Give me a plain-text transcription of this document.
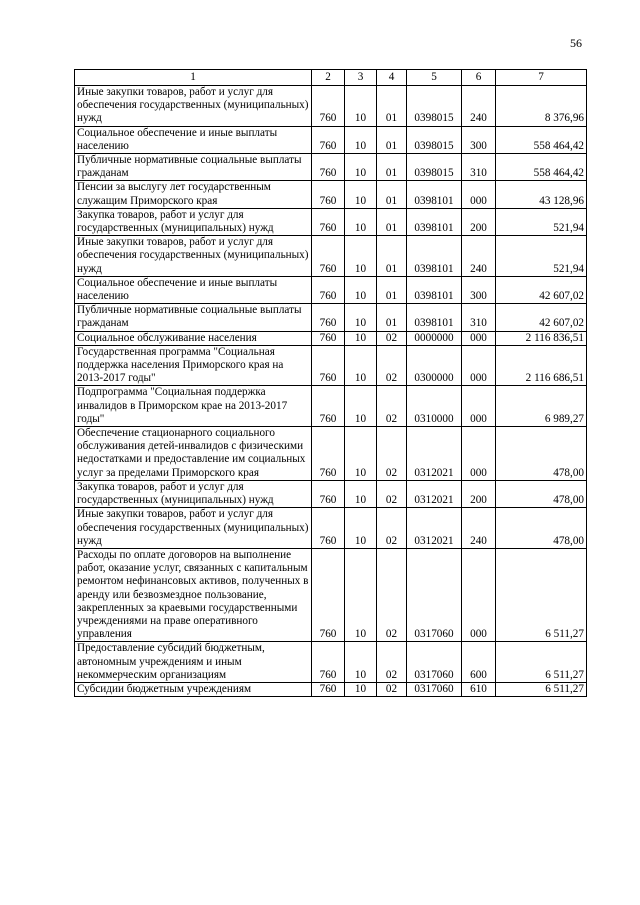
56
1	2	3	4	5	6	7
Иные закупки товаров, работ и услуг для обеспечения государственных (муниципальных) нужд	760	10	01	0398015	240	8 376,96
Социальное обеспечение и иные выплаты населению	760	10	01	0398015	300	558 464,42
Публичные нормативные социальные выплаты гражданам	760	10	01	0398015	310	558 464,42
Пенсии за выслугу лет государственным служащим Приморского края	760	10	01	0398101	000	43 128,96
Закупка товаров, работ и услуг для государственных (муниципальных) нужд	760	10	01	0398101	200	521,94
Иные закупки товаров, работ и услуг для обеспечения государственных (муниципальных) нужд	760	10	01	0398101	240	521,94
Социальное обеспечение и иные выплаты населению	760	10	01	0398101	300	42 607,02
Публичные нормативные социальные выплаты гражданам	760	10	01	0398101	310	42 607,02
Социальное обслуживание населения	760	10	02	0000000	000	2 116 836,51
Государственная программа "Социальная поддержка населения Приморского края на 2013-2017 годы"	760	10	02	0300000	000	2 116 686,51
Подпрограмма "Социальная поддержка инвалидов в Приморском крае на 2013-2017 годы"	760	10	02	0310000	000	6 989,27
Обеспечение стационарного социального обслуживания детей-инвалидов с физическими недостатками и предоставление им социальных услуг за пределами Приморского края	760	10	02	0312021	000	478,00
Закупка товаров, работ и услуг для государственных (муниципальных) нужд	760	10	02	0312021	200	478,00
Иные закупки товаров, работ и услуг для обеспечения государственных (муниципальных) нужд	760	10	02	0312021	240	478,00
Расходы по оплате договоров на выполнение работ, оказание услуг, связанных с капитальным ремонтом нефинансовых активов, полученных в аренду или безвозмездное пользование, закрепленных за краевыми государственными учреждениями на праве оперативного управления	760	10	02	0317060	000	6 511,27
Предоставление субсидий бюджетным, автономным учреждениям и иным некоммерческим организациям	760	10	02	0317060	600	6 511,27
Субсидии бюджетным учреждениям	760	10	02	0317060	610	6 511,27
